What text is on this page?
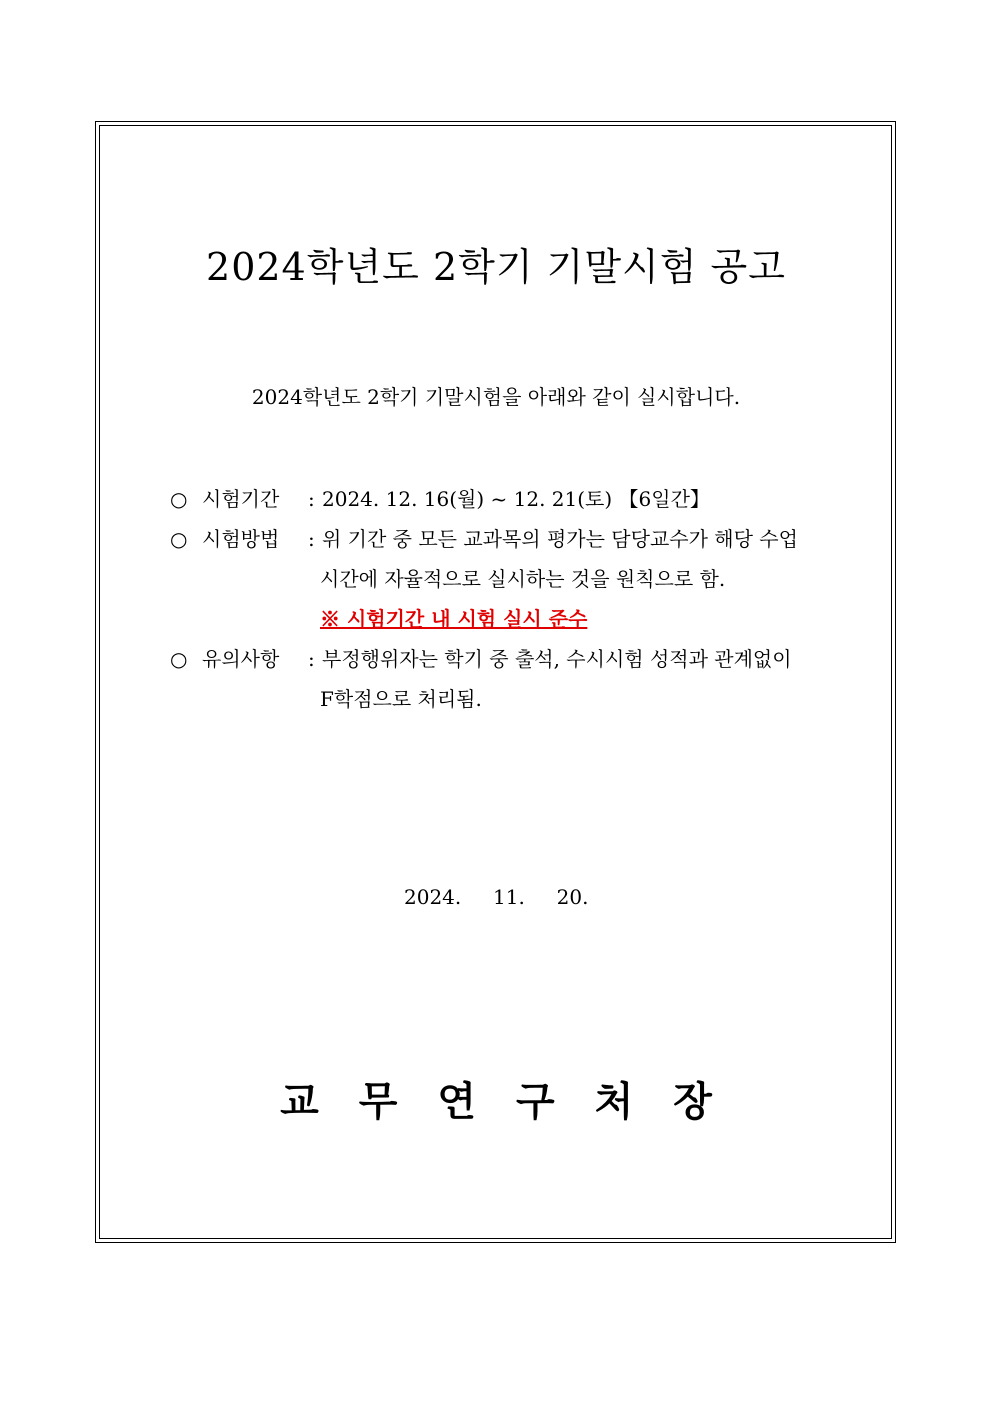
2024학년도 2학기 기말시험 공고
2024학년도 2학기 기말시험을 아래와 같이 실시합니다.
○ 시험기간 : 2024. 12. 16(월) ~ 12. 21(토) 【6일간】
○ 시험방법 : 위 기간 중 모든 교과목의 평가는 담당교수가 해당 수업
시간에 자율적으로 실시하는 것을 원칙으로 함.
※ 시험기간 내 시험 실시 준수
○ 유의사항 : 부정행위자는 학기 중 출석, 수시시험 성적과 관계없이
F학점으로 처리됨.
2024.     11.     20.
교무연구처장
